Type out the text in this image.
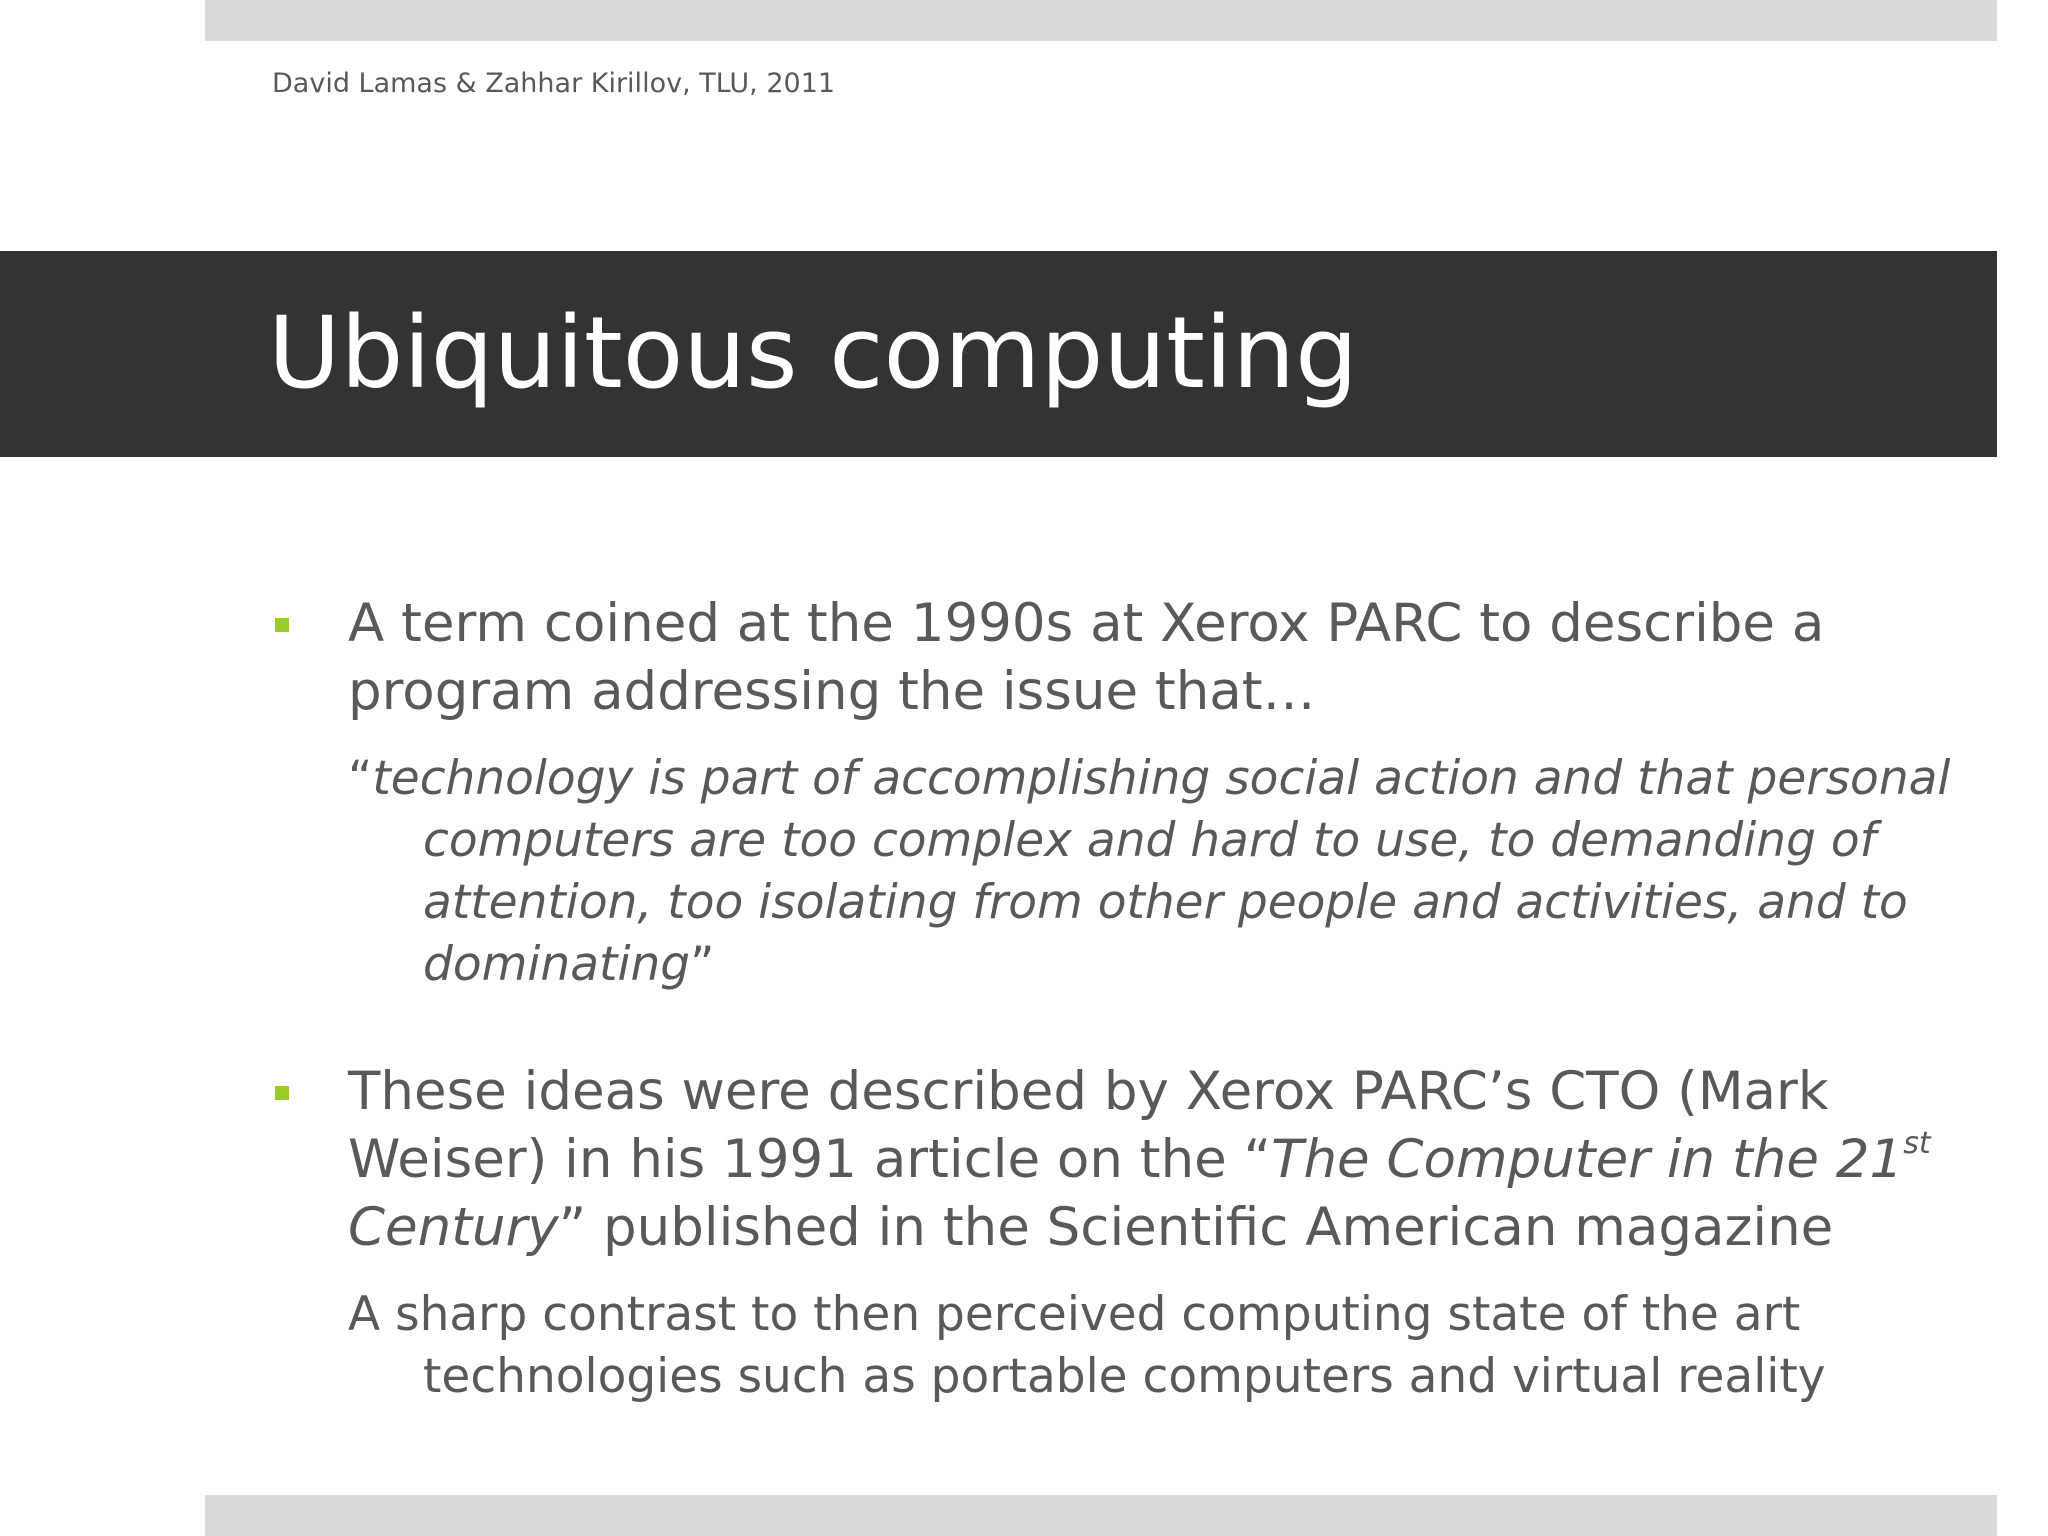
David Lamas & Zahhar Kirillov, TLU, 2011
Ubiquitous computing
A term coined at the 1990s at Xerox PARC to describe a program addressing the issue that…
“technology is part of accomplishing social action and that personal computers are too complex and hard to use, to demanding of attention, too isolating from other people and activities, and to dominating”
These ideas were described by Xerox PARC’s CTO (Mark Weiser) in his 1991 article on the “The Computer in the 21st Century” published in the Scientific American magazine
A sharp contrast to then perceived computing state of the art technologies such as portable computers and virtual reality
